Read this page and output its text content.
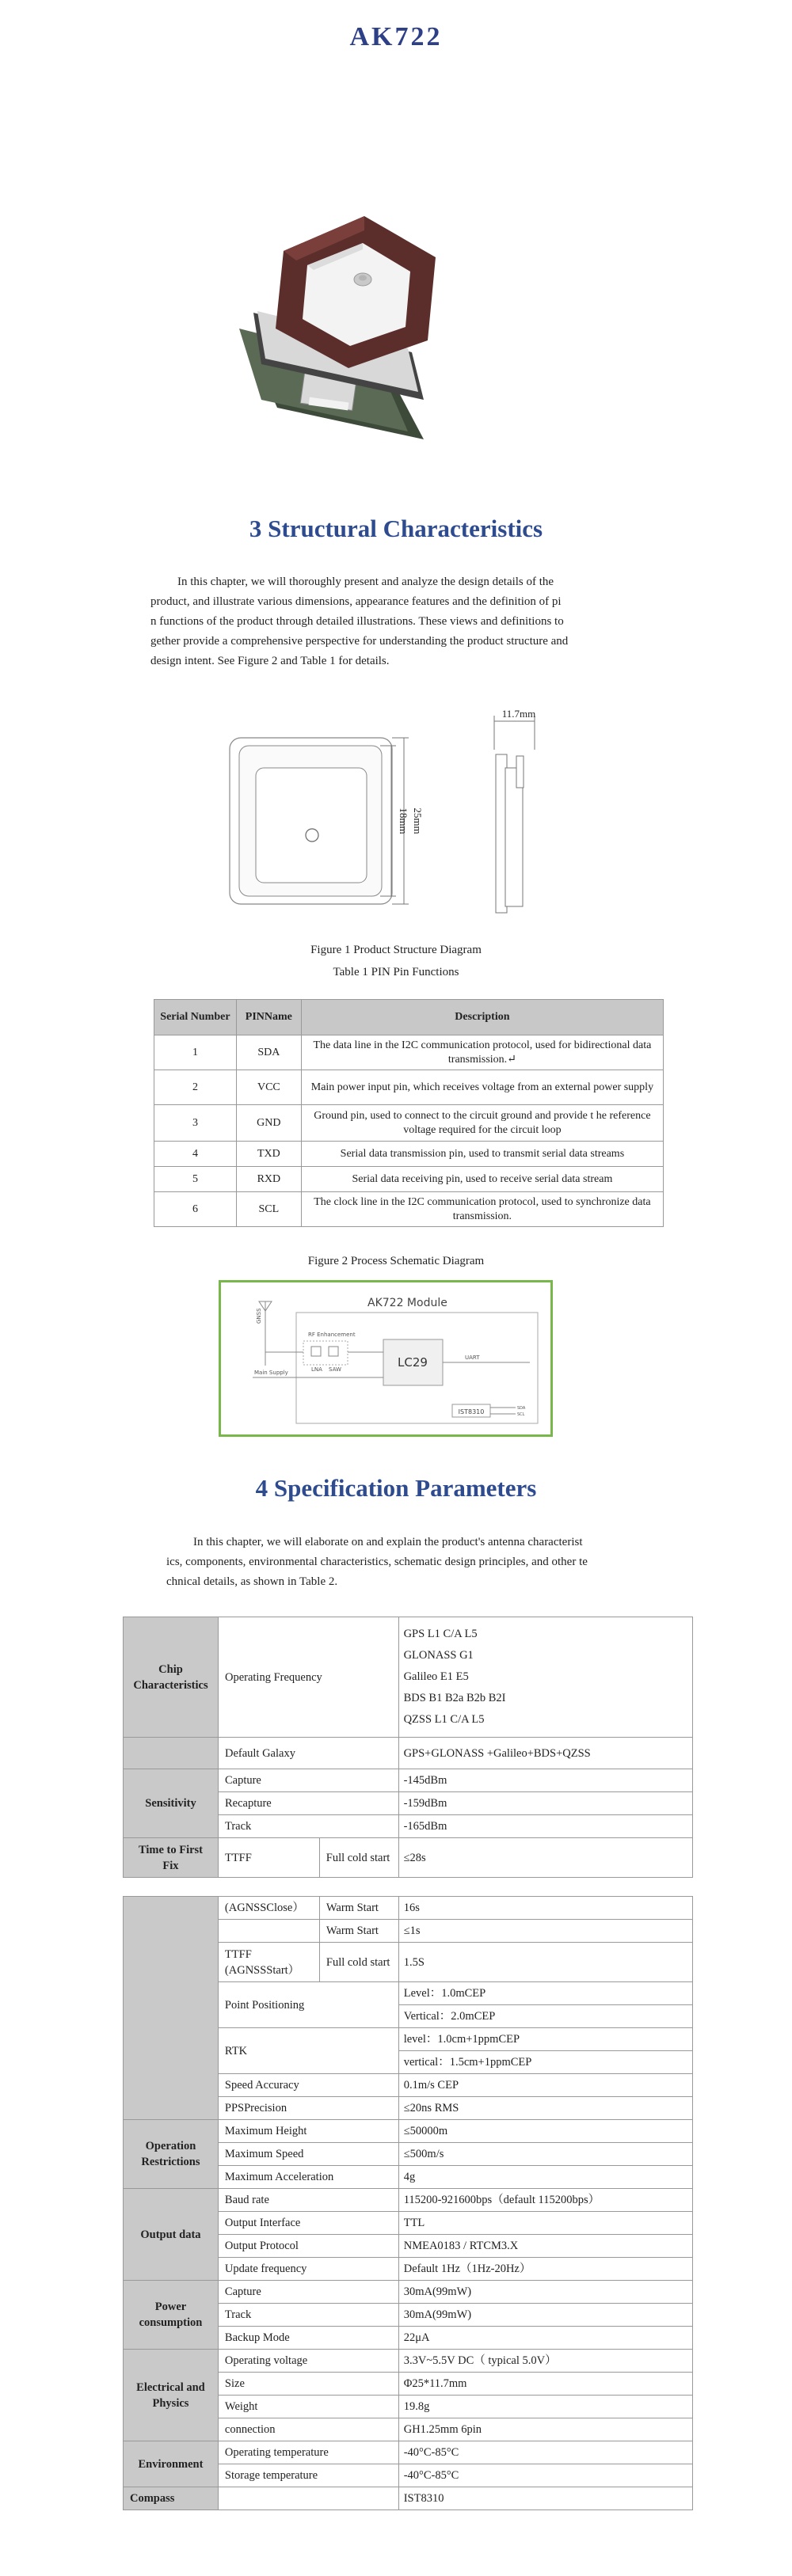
AK722
3 Structural Characteristics
In this chapter, we will thoroughly present and analyze the design details of the
product, and illustrate various dimensions, appearance features and the definition of pi
n functions of the product through detailed illustrations. These views and definitions to
gether provide a comprehensive perspective for understanding the product structure and
design intent. See Figure 2 and Table 1 for details.
25mm
18mm
11.7mm
Figure 1 Product Structure Diagram
Table 1 PIN Pin Functions
Serial Number	PINName	Description
1	SDA	The data line in the I2C communication protocol, used for bidirectional data transmission.↵
2	VCC	Main power input pin, which receives voltage from an external power supply
3	GND	Ground pin, used to connect to the circuit ground and provide t he reference voltage required for the circuit loop
4	TXD	Serial data transmission pin, used to transmit serial data streams
5	RXD	Serial data receiving pin, used to receive serial data stream
6	SCL	The clock line in the I2C communication protocol, used to synchronize data transmission.
Figure 2 Process Schematic Diagram
GNSS
AK722 Module
RF Enhancement
LNA SAW	LC29	UART
Main Supply
IST8310	SDA
SCL
4 Specification Parameters
In this chapter, we will elaborate on and explain the product's antenna characterist
ics, components, environmental characteristics, schematic design principles, and other te
chnical details, as shown in Table 2.
Chip Characteristics	Operating Frequency		GPS L1 C/A L5
GLONASS G1
Galileo E1 E5
BDS B1 B2a B2b B2I
QZSS L1 C/A L5

	Default Galaxy		GPS+GLONASS +Galileo+BDS+QZSS
Sensitivity	Capture		-145dBm
	Recapture		-159dBm
	Track		-165dBm
Time to First Fix	TTFF	Full cold start	≤28s
	(AGNSSClose）	Warm Start	16s
		Warm Start	≤1s
	TTFF (AGNSSStart）	Full cold start	1.5S
	Point Positioning		Level：1.0mCEP
			Vertical：2.0mCEP
	RTK		level：1.0cm+1ppmCEP
			vertical：1.5cm+1ppmCEP
	Speed Accuracy		0.1m/s CEP
	PPSPrecision		≤20ns RMS
Operation Restrictions	Maximum Height		≤50000m
	Maximum Speed		≤500m/s
	Maximum Acceleration		4g
Output data	Baud rate		115200-921600bps（default 115200bps）
	Output Interface		TTL
	Output Protocol		NMEA0183 / RTCM3.X
	Update frequency		Default 1Hz（1Hz-20Hz）
Power consumption	Capture		30mA(99mW)
	Track		30mA(99mW)
	Backup Mode		22μA
Electrical and Physics	Operating voltage		3.3V~5.5V DC（ typical 5.0V）
	Size		Φ25*11.7mm
	Weight		19.8g
	connection		GH1.25mm 6pin
Environment	Operating temperature		-40°C-85°C
	Storage temperature		-40°C-85°C
Compass			IST8310
